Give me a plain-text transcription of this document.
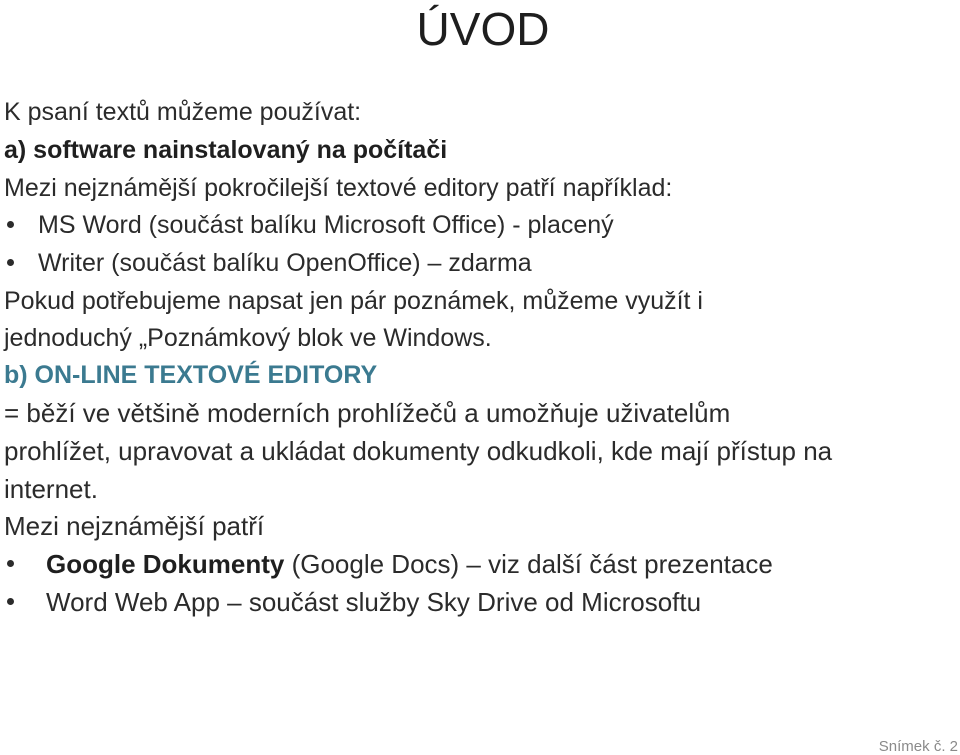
ÚVOD
K psaní textů můžeme používat:
a) software nainstalovaný na počítači
Mezi nejznámější pokročilejší textové editory patří například:
MS Word (součást balíku Microsoft Office) - placený
Writer (součást balíku OpenOffice) – zdarma
Pokud potřebujeme napsat jen pár poznámek, můžeme využít i
jednoduchý „Poznámkový blok ve Windows.
b) ON-LINE TEXTOVÉ EDITORY
= běží ve většině moderních prohlížečů a umožňuje uživatelům
prohlížet, upravovat a ukládat dokumenty odkudkoli, kde mají přístup na
internet.
Mezi nejznámější patří
Google Dokumenty (Google Docs) – viz další část prezentace
Word Web App – součást služby Sky Drive od Microsoftu
Snímek č. 2
